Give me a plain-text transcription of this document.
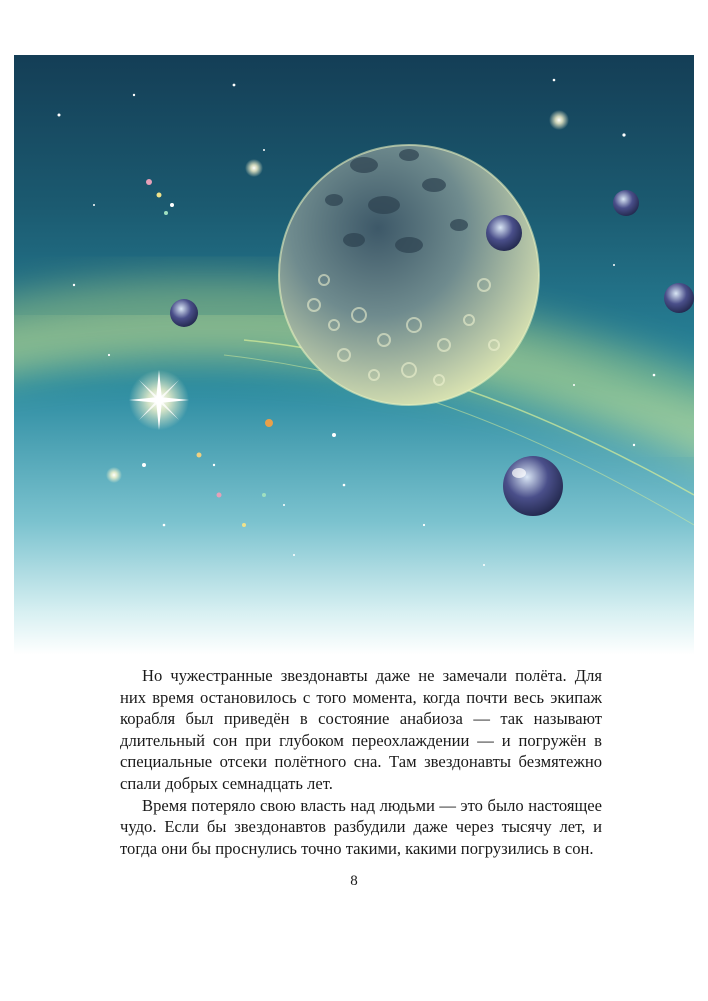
Но чужестранные звездонавты даже не замечали полёта. Для них время остановилось с того момента, когда почти весь экипаж корабля был приведён в состояние анабиоза — так называют длительный сон при глубоком переохлаждении — и погружён в специальные отсеки полётного сна. Там звездонавты безмятежно спали добрых семнадцать лет.

Время потеряло свою власть над людьми — это было настоящее чудо. Если бы звездонавтов разбудили даже через тысячу лет, и тогда они бы проснулись точно такими, какими погрузились в сон.

8
